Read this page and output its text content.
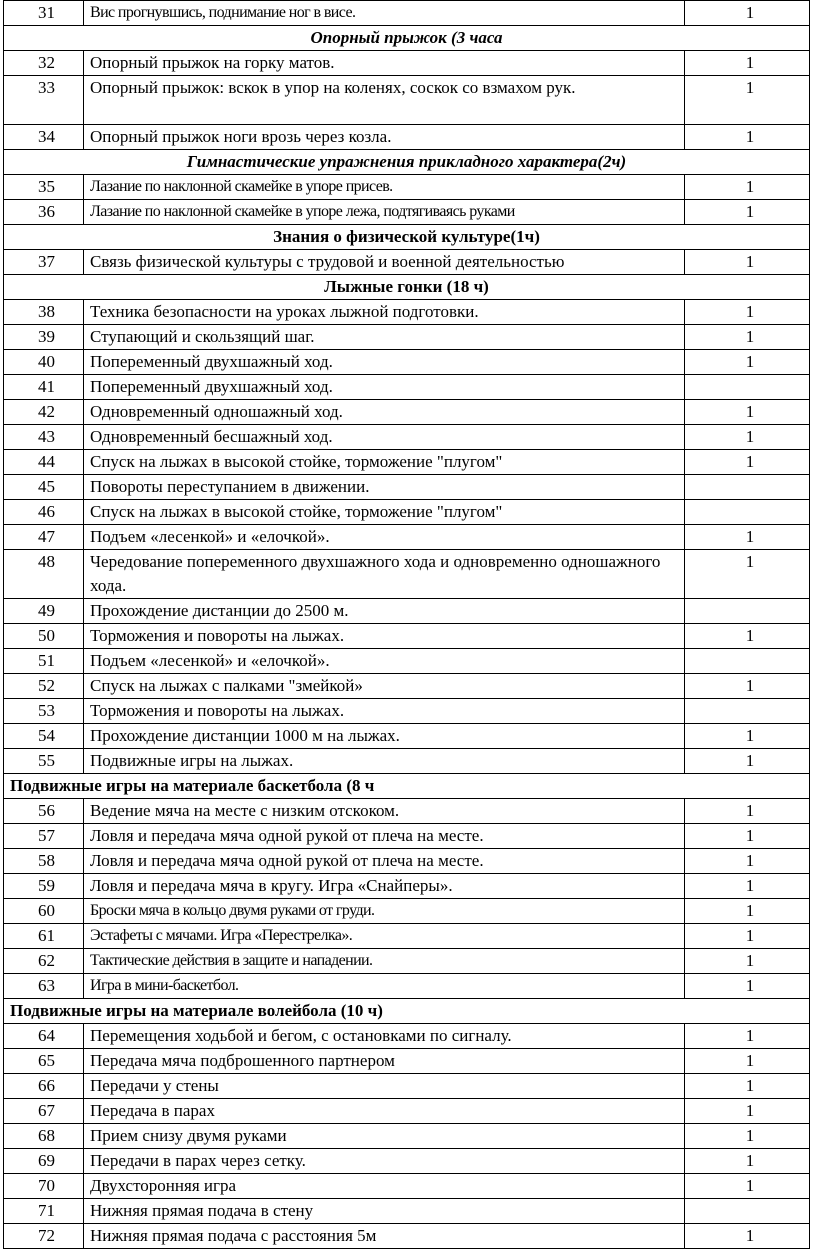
31	Вис прогнувшись, поднимание ног в висе.	1
Опорный прыжок (3 часа		
32	Опорный прыжок на горку матов.	1
33	Опорный прыжок: вскок в упор на коленях, соскок со взмахом рук.	1
34	Опорный прыжок ноги врозь через козла.	1
Гимнастические упражнения прикладного характера(2ч)		
35	Лазание по наклонной скамейке в упоре присев.	1
36	Лазание по наклонной скамейке в упоре лежа, подтягиваясь руками	1
Знания о физической культуре(1ч)		
37	Связь физической культуры с трудовой и военной деятельностью	1
Лыжные гонки (18 ч)		
38	Техника безопасности на уроках лыжной подготовки.	1
39	Ступающий и скользящий шаг.	1
40	Попеременный двухшажный ход.	1
41	Попеременный двухшажный ход.	
42	Одновременный одношажный ход.	1
43	Одновременный бесшажный ход.	1
44	Спуск на лыжах в высокой стойке, торможение "плугом"	1
45	Повороты переступанием в движении.	
46	Спуск на лыжах в высокой стойке, торможение "плугом"	
47	Подъем «лесенкой» и «елочкой».	1
48	Чередование попеременного двухшажного хода и одновременно одношажного хода.	1
49	Прохождение дистанции до 2500 м.	
50	Торможения и повороты на лыжах.	1
51	Подъем «лесенкой» и «елочкой».	
52	Спуск на лыжах с палками "змейкой»	1
53	Торможения и повороты на лыжах.	
54	Прохождение дистанции 1000 м на лыжах.	1
55	Подвижные игры на лыжах.	1
Подвижные игры на материале баскетбола (8 ч		
56	Ведение мяча на месте с низким отскоком.	1
57	Ловля и передача мяча одной рукой от плеча на месте.	1
58	Ловля и передача мяча одной рукой от плеча на месте.	1
59	Ловля и передача мяча в кругу. Игра «Снайперы».	1
60	Броски мяча в кольцо двумя руками от груди.	1
61	Эстафеты с мячами. Игра «Перестрелка».	1
62	Тактические действия в защите и нападении.	1
63	Игра в мини-баскетбол.	1
Подвижные игры на материале волейбола (10 ч)		
64	Перемещения ходьбой и бегом, с остановками по сигналу.	1
65	Передача мяча подброшенного партнером	1
66	Передачи у стены	1
67	Передача в парах	1
68	Прием снизу двумя руками	1
69	Передачи в парах через сетку.	1
70	Двухсторонняя игра	1
71	Нижняя прямая подача в стену	
72	Нижняя прямая подача с расстояния 5м	1
